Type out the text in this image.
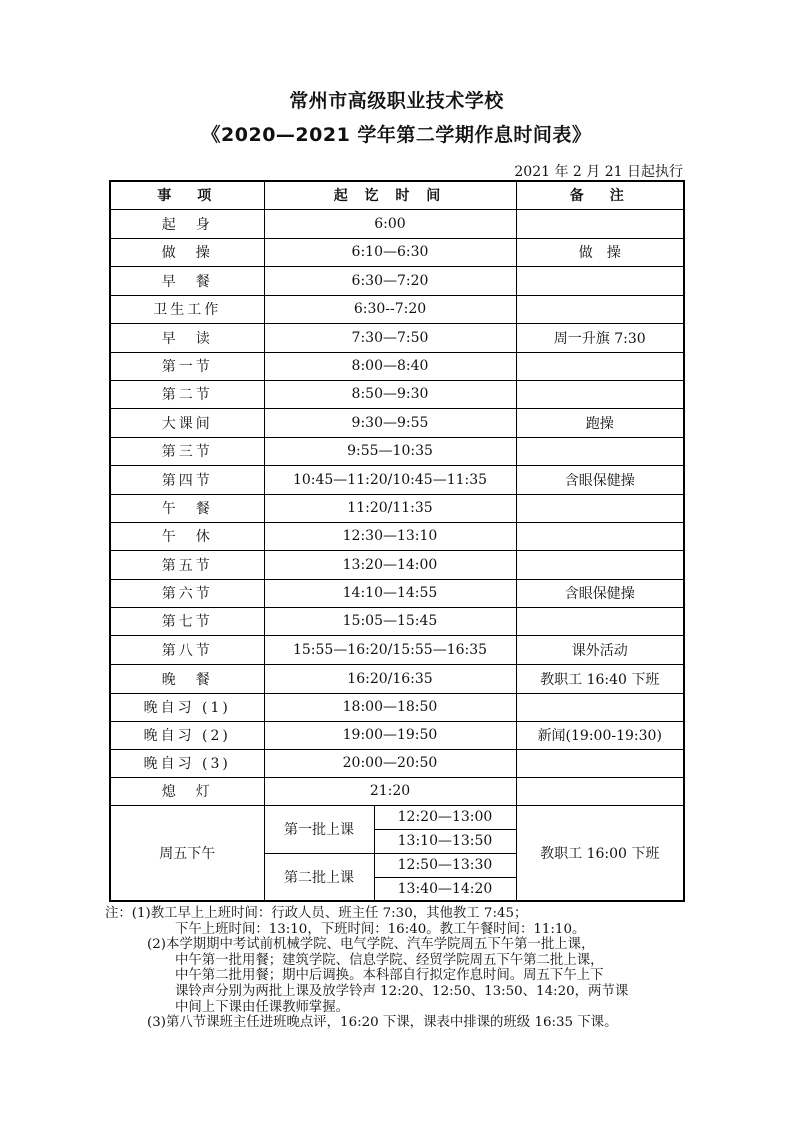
常州市高级职业技术学校
《2020—2021 学年第二学期作息时间表》
2021 年 2 月 21 日起执行
事　项	起 讫 时 间		备　注
起　身	6:00		
做　操	6:10—6:30		做　操
早　餐	6:30—7:20		
卫生工作	6:30--7:20		
早　读	7:30—7:50		周一升旗 7:30
第一节	8:00—8:40		
第二节	8:50—9:30		
大课间	9:30—9:55		跑操
第三节	9:55—10:35		
第四节	10:45—11:20/10:45—11:35		含眼保健操
午　餐	11:20/11:35		
午　休	12:30—13:10		
第五节	13:20—14:00		
第六节	14:10—14:55		含眼保健操
第七节	15:05—15:45		
第八节	15:55—16:20/15:55—16:35		课外活动
晚　餐	16:20/16:35		教职工 16:40 下班
晚自习 (1)	18:00—18:50		
晚自习 (2)	19:00—19:50		新闻(19:00-19:30)
晚自习 (3)	20:00—20:50		
熄　灯	21:20		
周五下午	第一批上课	12:20—13:00	教职工 16:00 下班
		13:10—13:50	
	第二批上课	12:50—13:30	
		13:40—14:20	
注：(1)教工早上上班时间：行政人员、班主任 7:30，其他教工 7:45；
下午上班时间：13:10，下班时间：16:40。教工午餐时间：11:10。
(2)本学期期中考试前机械学院、电气学院、汽车学院周五下午第一批上课，
中午第一批用餐；建筑学院、信息学院、经贸学院周五下午第二批上课，
中午第二批用餐；期中后调换。本科部自行拟定作息时间。周五下午上下
课铃声分别为两批上课及放学铃声 12:20、12:50、13:50、14:20，两节课
中间上下课由任课教师掌握。
(3)第八节课班主任进班晚点评，16:20 下课，课表中排课的班级 16:35 下课。
